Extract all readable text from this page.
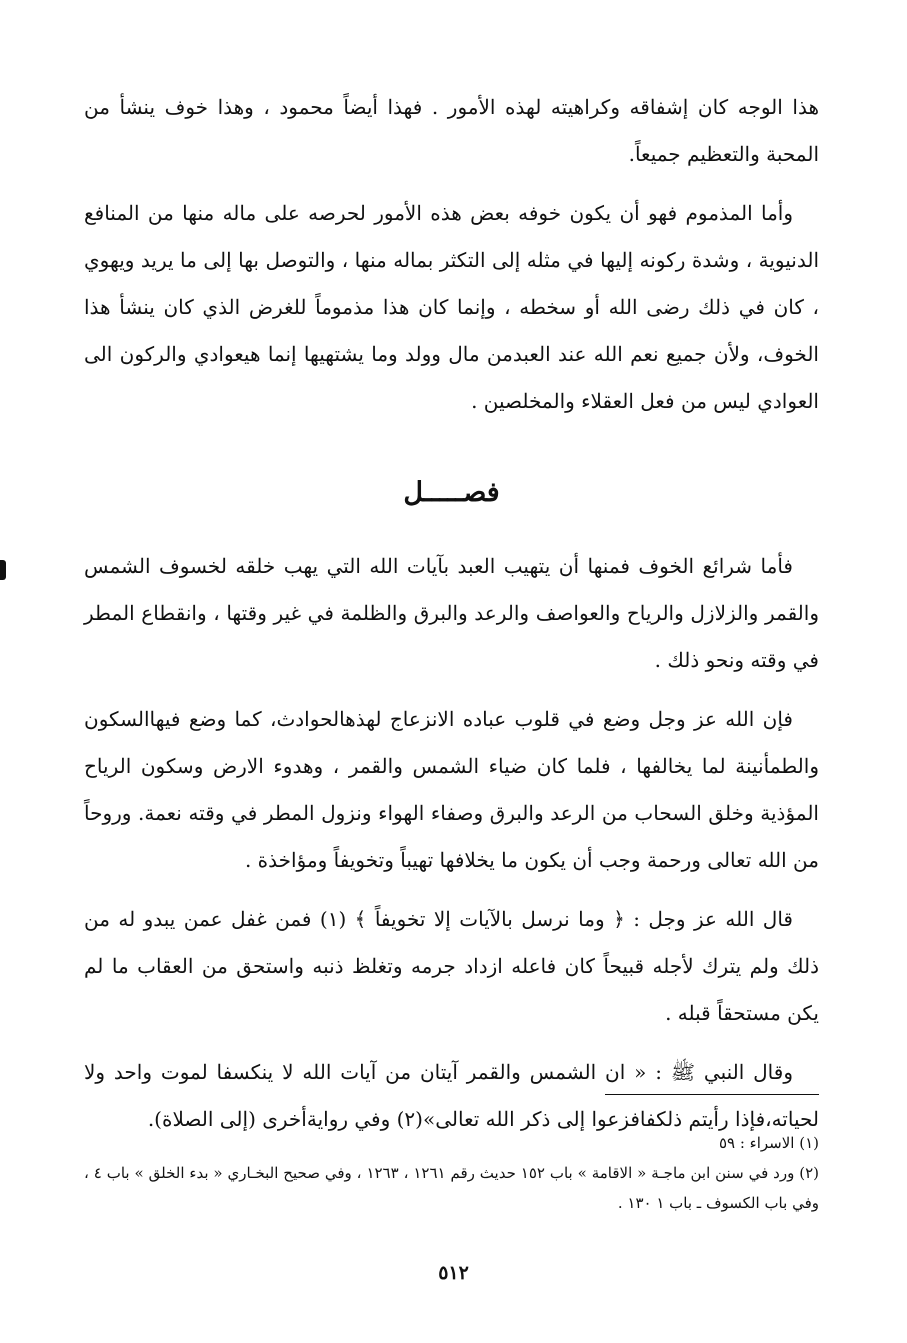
هذا الوجه كان إشفاقه وكراهيته لهذه الأمور . فهذا أيضاً محمود ، وهذا خوف ينشأ من المحبة والتعظيم جميعاً.

وأما المذموم فهو أن يكون خوفه بعض هذه الأمور لحرصه على ماله منها من المنافع الدنيوية ، وشدة ركونه إليها في مثله إلى التكثر بماله منها ، والتوصل بها إلى ما يريد ويهوي ، كان في ذلك رضى الله أو سخطه ، وإنما كان هذا مذموماً للغرض الذي كان ينشأ هذا الخوف، ولأن جميع نعم الله عند العبدمن مال وولد وما يشتهيها إنما هيعوادي والركون الى العوادي ليس من فعل العقلاء والمخلصين .

فصـــــل

فأما شرائع الخوف فمنها أن يتهيب العبد بآيات الله التي يهب خلقه لخسوف الشمس والقمر والزلازل والرياح والعواصف والرعد والبرق والظلمة في غير وقتها ، وانقطاع المطر في وقته ونحو ذلك .

فإن الله عز وجل وضع في قلوب عباده الانزعاج لهذهالحوادث، كما وضع فيهاالسكون والطمأنينة لما يخالفها ، فلما كان ضياء الشمس والقمر ، وهدوء الارض وسكون الرياح المؤذية وخلق السحاب من الرعد والبرق وصفاء الهواء ونزول المطر في وقته نعمة. وروحاً من الله تعالى ورحمة وجب أن يكون ما يخلافها تهيباً وتخويفاً ومؤاخذة .

قال الله عز وجل : ﴿ وما نرسل بالآيات إلا تخويفاً ﴾ (١) فمن غفل عمن يبدو له من ذلك ولم يترك لأجله قبيحاً كان فاعله ازداد جرمه وتغلظ ذنبه واستحق من العقاب ما لم يكن مستحقاً قبله .

وقال النبي ﷺ : « ان الشمس والقمر آيتان من آيات الله لا ينكسفا لموت واحد ولا لحياته،فإذا رأيتم ذلكفافزعوا إلى ذكر الله تعالى»(٢) وفي روايةأخرى (إلى الصلاة).

(١) الاسراء : ٥٩

(٢) ورد في سنن ابن ماجـة « الاقامة » باب ١٥٢ حديث رقم ١٢٦١ ، ١٢٦٣ ، وفي صحيح البخـاري « بدء الخلق » باب ٤ ، وفي باب الكسوف ـ باب ١ ١٣٠ .

٥١٢
